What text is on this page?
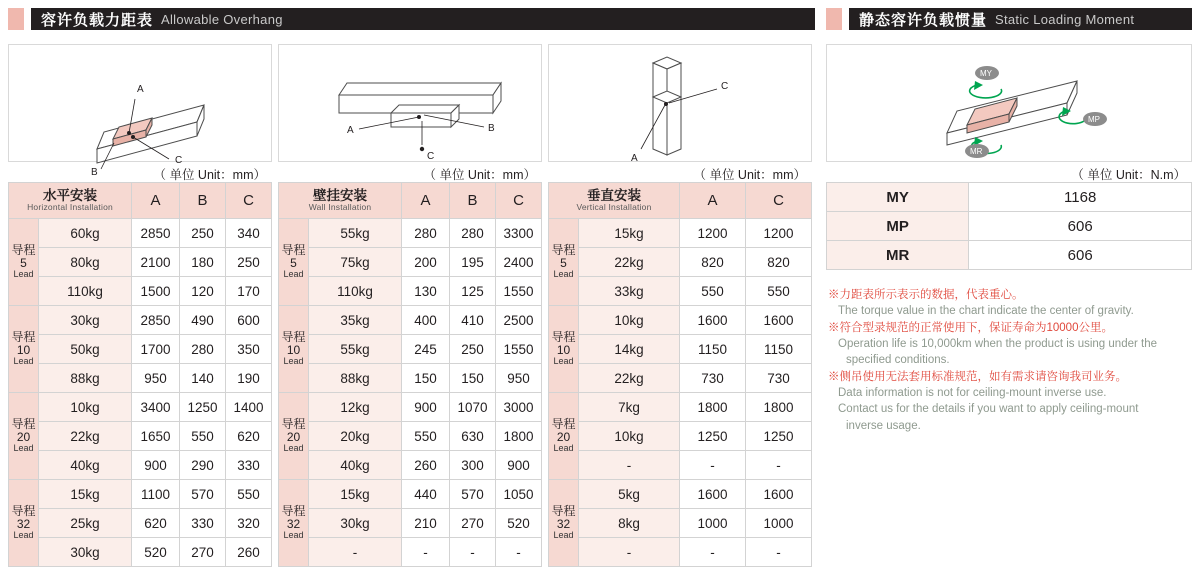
容许负载力距表 Allowable Overhang	静态容许负载惯量 Static Loading Moment
A
B
C
（ 单位 Unit：mm）
A	B
C
（ 单位 Unit：mm）
A
C
（ 单位 Unit：mm）
MY
MP
MR
（ 单位 Unit：N.m）
水平安装
Horizontal Installation		A	B	C
导程
5
Lead	60kg	2850	250	340
	80kg	2100	180	250
	110kg	1500	120	170
导程
10
Lead	30kg	2850	490	600
	50kg	1700	280	350
	88kg	950	140	190
导程
20
Lead	10kg	3400	1250	1400
	22kg	1650	550	620
	40kg	900	290	330
导程
32
Lead	15kg	1100	570	550
	25kg	620	330	320
	30kg	520	270	260
壁挂安装
Wall Installation		A	B	C
导程
5
Lead	55kg	280	280	3300
	75kg	200	195	2400
	110kg	130	125	1550
导程
10
Lead	35kg	400	410	2500
	55kg	245	250	1550
	88kg	150	150	950
导程
20
Lead	12kg	900	1070	3000
	20kg	550	630	1800
	40kg	260	300	900
导程
32
Lead	15kg	440	570	1050
	30kg	210	270	520
	-	-	-	-
垂直安装
Vertical Installation		A	C
导程
5
Lead	15kg	1200	1200
	22kg	820	820
	33kg	550	550
导程
10
Lead	10kg	1600	1600
	14kg	1150	1150
	22kg	730	730
导程
20
Lead	7kg	1800	1800
	10kg	1250	1250
	-	-	-
导程
32
Lead	5kg	1600	1600
	8kg	1000	1000
	-	-	-
MY	1168
MP	606
MR	606
※力距表所示表示的数据，代表重心。
The torque value in the chart indicate the center of gravity.
※符合型录规范的正常使用下，保证寿命为10000公里。
Operation life is 10,000km when the product is using under the
specified conditions.
※侧吊使用无法套用标准规范，如有需求请咨询我司业务。
Data information is not for ceiling-mount inverse use.
Contact us for the details if you want to apply ceiling-mount
inverse usage.
